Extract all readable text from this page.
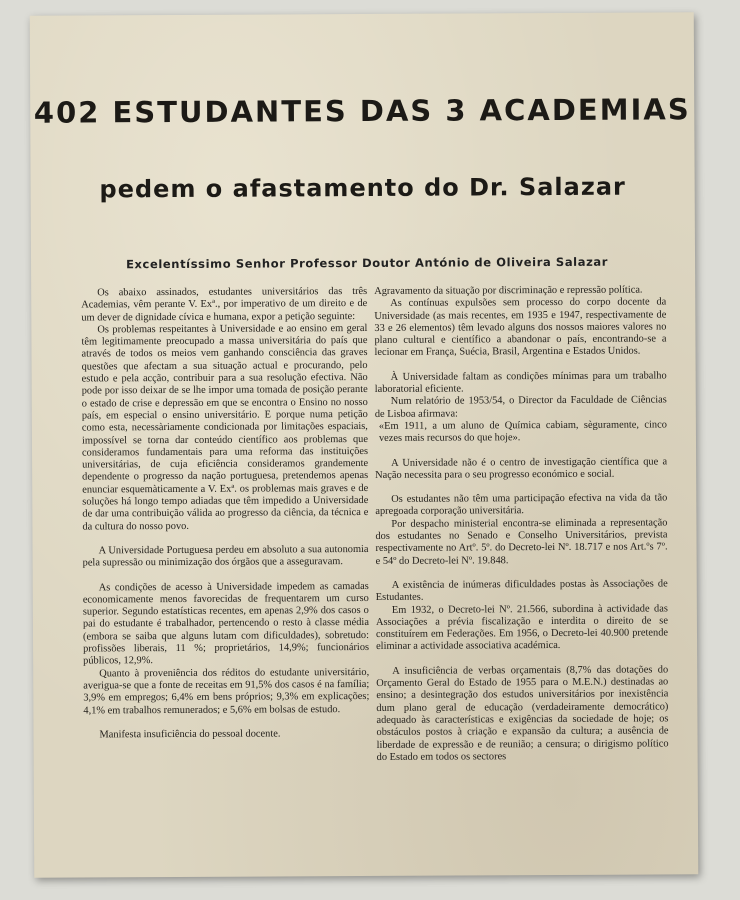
402 ESTUDANTES DAS 3 ACADEMIAS
pedem o afastamento do Dr. Salazar
Excelentíssimo Senhor Professor Doutor António de Oliveira Salazar

Os abaixo assinados, estudantes universitários das três Academias, vêm perante V. Exª., por imperativo de um direito e de um dever de dignidade cívica e humana, expor a petição seguinte:

Os problemas respeitantes à Universidade e ao ensino em geral têm legitimamente preocupado a massa universitária do país que através de todos os meios vem ganhando consciência das graves questões que afectam a sua situação actual e procurando, pelo estudo e pela acção, contribuir para a sua resolução efectiva. Não pode por isso deixar de se lhe impor uma tomada de posição perante o estado de crise e depressão em que se encontra o Ensino no nosso país, em especial o ensino universitário. E porque numa petição como esta, necessàriamente condicionada por limitações espaciais, impossível se torna dar conteúdo científico aos problemas que consideramos fundamentais para uma reforma das instituições universitárias, de cuja eficiência consideramos grandemente dependente o progresso da nação portuguesa, pretendemos apenas enunciar esquemàticamente a V. Exª. os problemas mais graves e de soluções há longo tempo adiadas que têm impedido a Universidade de dar uma contribuição válida ao progresso da ciência, da técnica e da cultura do nosso povo.

A Universidade Portuguesa perdeu em absoluto a sua autonomia pela supressão ou minimização dos órgãos que a asseguravam.

As condições de acesso à Universidade impedem as camadas economicamente menos favorecidas de frequentarem um curso superior. Segundo estatísticas recentes, em apenas 2,9% dos casos o pai do estudante é trabalhador, pertencendo o resto à classe média (embora se saiba que alguns lutam com dificuldades), sobretudo: profissões liberais, 11 %; proprietários, 14,9%; funcionários públicos, 12,9%.

Quanto à proveniência dos réditos do estudante universitário, averigua-se que a fonte de receitas em 91,5% dos casos é na família; 3,9% em empregos; 6,4% em bens próprios; 9,3% em explicações; 4,1% em trabalhos remunerados; e 5,6% em bolsas de estudo.

Manifesta insuficiência do pessoal docente.

Agravamento da situação por discriminação e repressão política.

As contínuas expulsões sem processo do corpo docente da Universidade (as mais recentes, em 1935 e 1947, respectivamente de 33 e 26 elementos) têm levado alguns dos nossos maiores valores no plano cultural e científico a abandonar o país, encontrando-se a lecionar em França, Suécia, Brasil, Argentina e Estados Unidos.

À Universidade faltam as condições mínimas para um trabalho laboratorial eficiente.

Num relatório de 1953/54, o Director da Faculdade de Ciências de Lisboa afirmava:

«Em 1911, a um aluno de Química cabiam, sèguramente, cinco vezes mais recursos do que hoje».

A Universidade não é o centro de investigação científica que a Nação necessita para o seu progresso económico e social.

Os estudantes não têm uma participação efectiva na vida da tão apregoada corporação universitária.

Por despacho ministerial encontra-se eliminada a representação dos estudantes no Senado e Conselho Universitários, prevista respectivamente no Artº. 5º. do Decreto-lei Nº. 18.717 e nos Art.ºs 7º. e 54º do Decreto-lei Nº. 19.848.

A existência de inúmeras dificuldades postas às Associações de Estudantes.

Em 1932, o Decreto-lei Nº. 21.566, subordina à actividade das Associações a prévia fiscalização e interdita o direito de se constituírem em Federações. Em 1956, o Decreto-lei 40.900 pretende eliminar a actividade associativa académica.

A insuficiência de verbas orçamentais (8,7% das dotações do Orçamento Geral do Estado de 1955 para o M.E.N.) destinadas ao ensino; a desintegração dos estudos universitários por inexistência dum plano geral de educação (verdadeiramente democrático) adequado às características e exigências da sociedade de hoje; os obstáculos postos à criação e expansão da cultura; a ausência de liberdade de expressão e de reunião; a censura; o dirigismo político do Estado em todos os sectores
